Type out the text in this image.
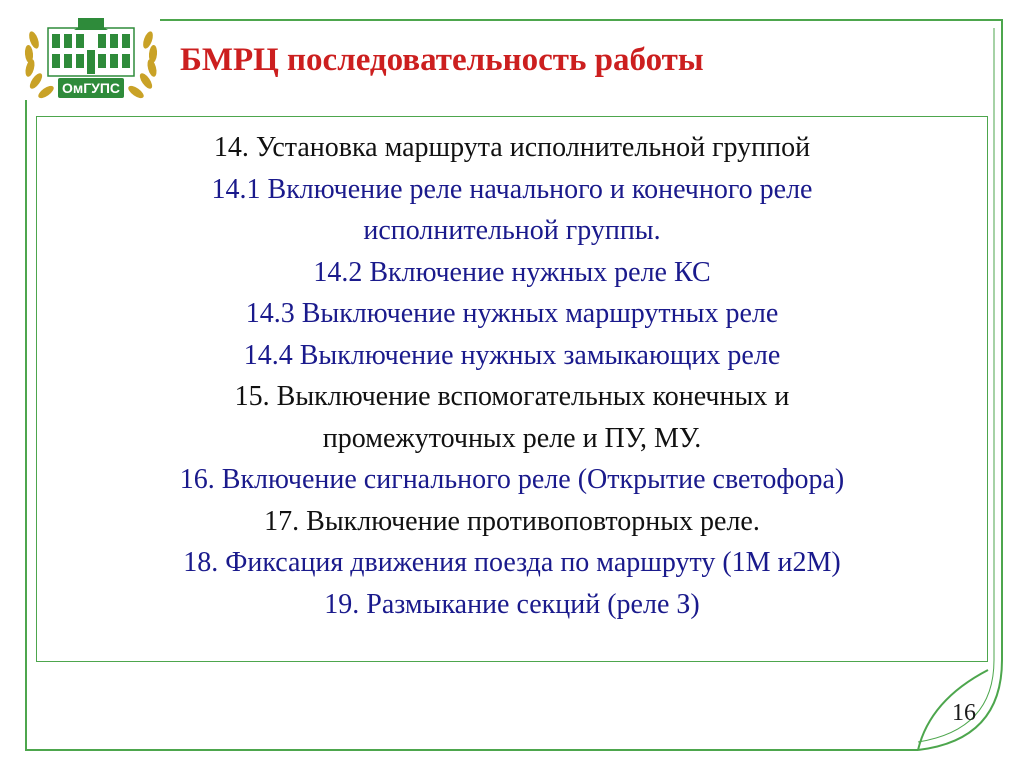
ОмГУПС
БМРЦ последовательность работы
14. Установка маршрута исполнительной группой
14.1 Включение реле начального и конечного реле
исполнительной группы.
14.2 Включение нужных реле КС
14.3 Выключение нужных маршрутных реле
14.4 Выключение нужных замыкающих реле
15. Выключение вспомогательных конечных и
промежуточных реле и ПУ, МУ.
16. Включение сигнального реле (Открытие светофора)
17. Выключение противоповторных реле.
18. Фиксация движения поезда по маршруту (1М и2М)
19. Размыкание секций (реле З)
16
